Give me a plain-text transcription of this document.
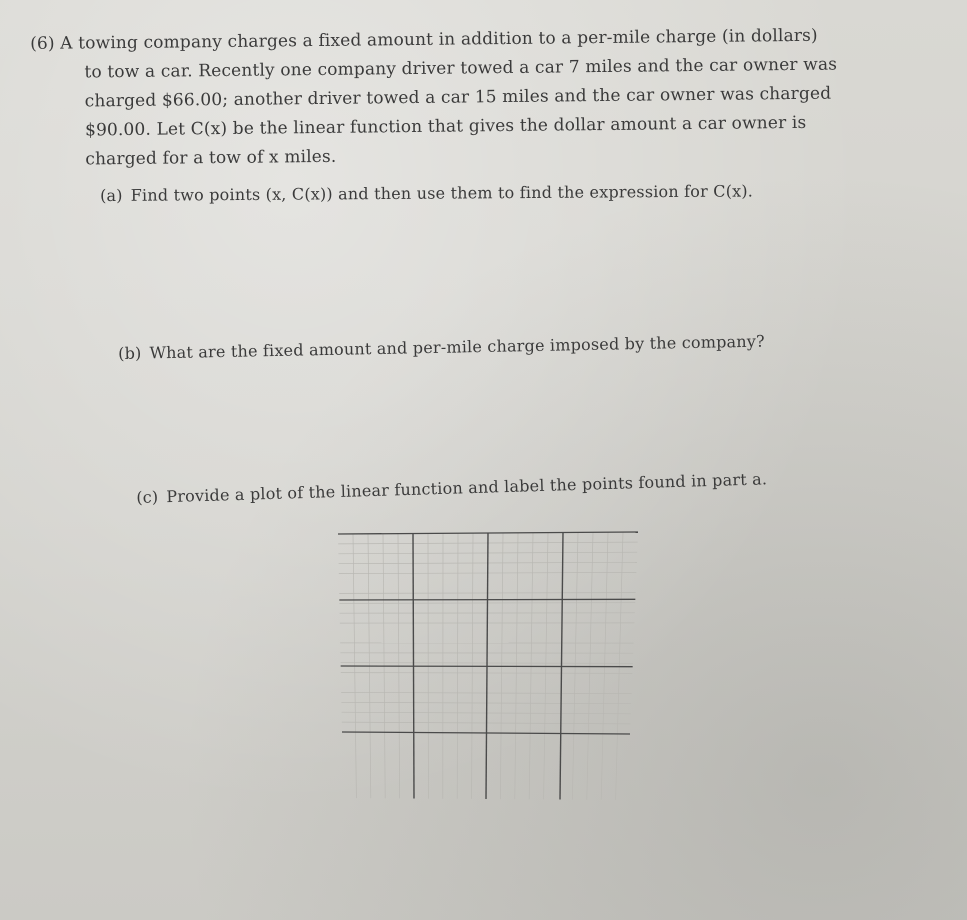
(6) A towing company charges a fixed amount in addition to a per-mile charge (in dollars)
to tow a car. Recently one company driver towed a car 7 miles and the car owner was
charged $66.00; another driver towed a car 15 miles and the car owner was charged
$90.00. Let C(x) be the linear function that gives the dollar amount a car owner is
charged for a tow of x miles.
(a) Find two points (x, C(x)) and then use them to find the expression for C(x).
(b) What are the fixed amount and per-mile charge imposed by the company?
(c) Provide a plot of the linear function and label the points found in part a.
